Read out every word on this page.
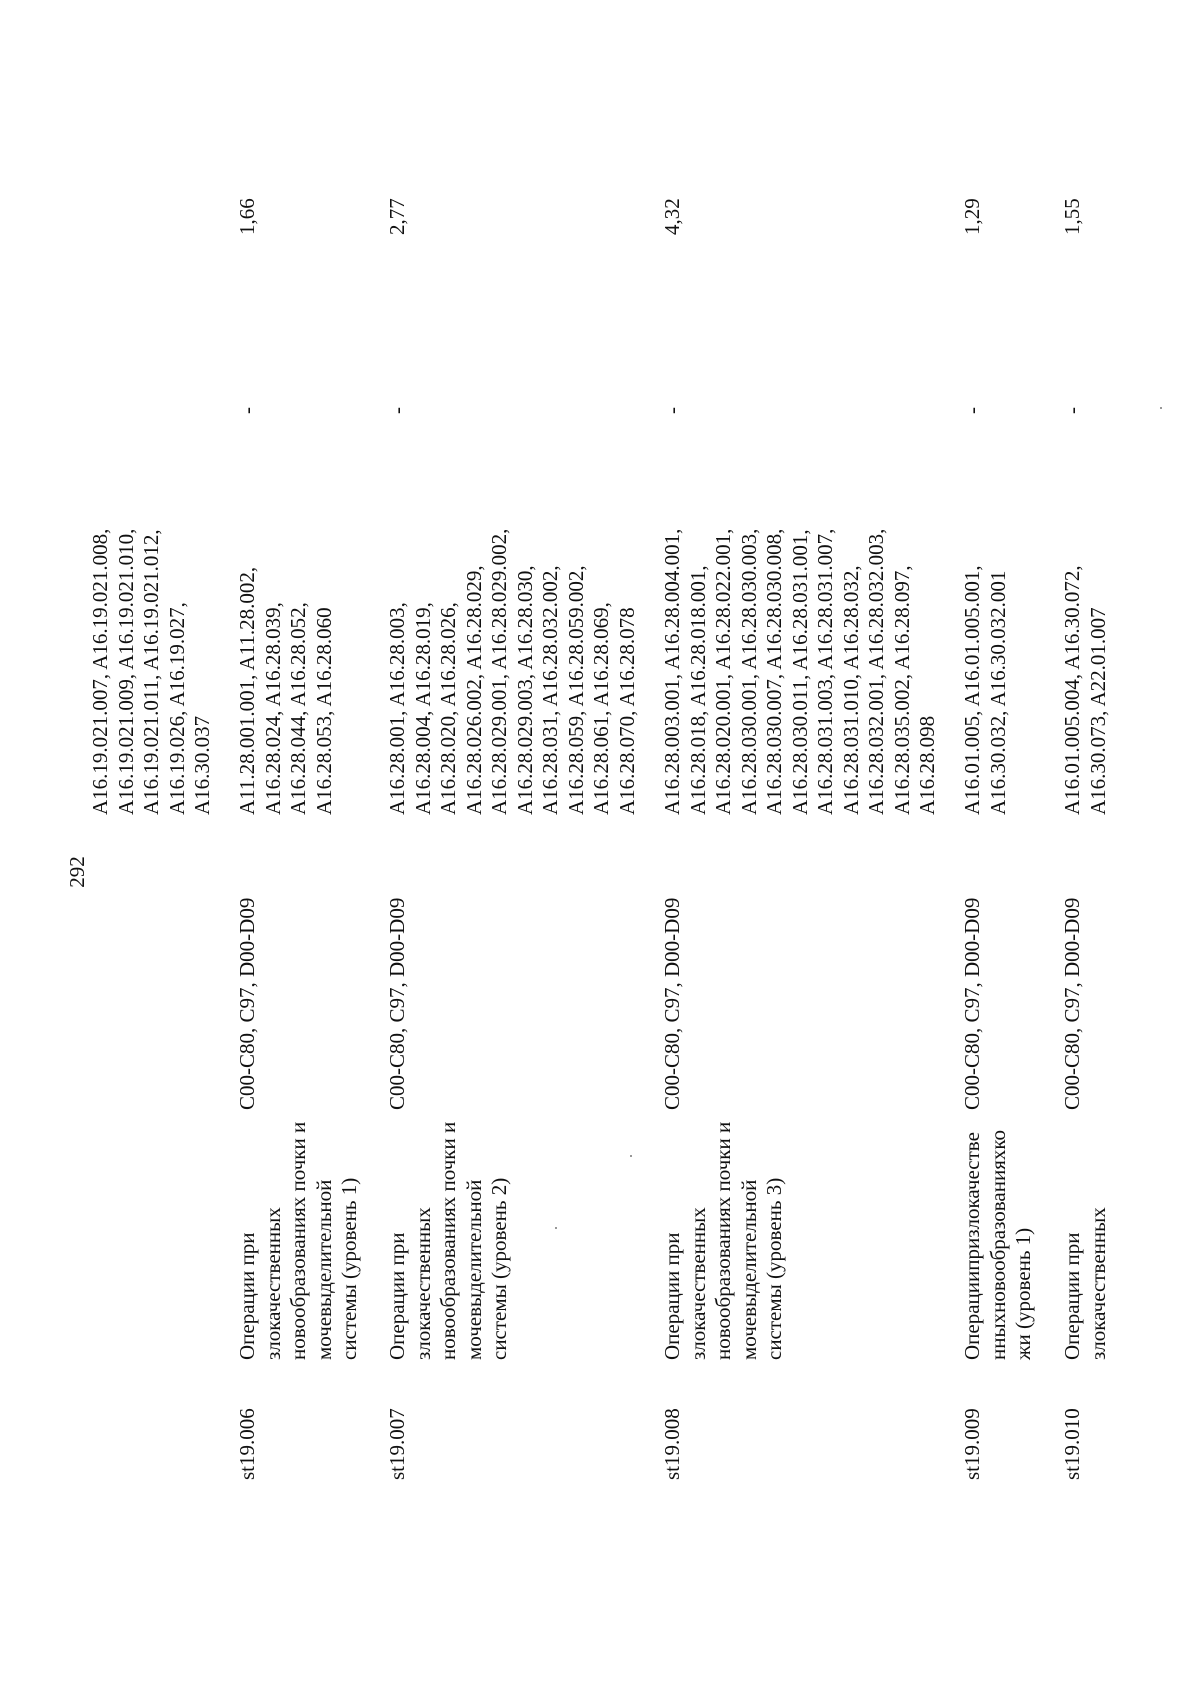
292
A16.19.021.007, A16.19.021.008, A16.19.021.009, A16.19.021.010, A16.19.021.011, A16.19.021.012, A16.19.026, A16.19.027, A16.30.037
st19.006
Операции при злокачественных новообразованиях почки и мочевыделительной системы (уровень 1)
C00-C80, C97, D00-D09
A11.28.001.001, A11.28.002, A16.28.024, A16.28.039, A16.28.044, A16.28.052, A16.28.053, A16.28.060
-
1,66
st19.007
Операции при злокачественных новообразованиях почки и мочевыделительной системы (уровень 2)
C00-C80, C97, D00-D09
A16.28.001, A16.28.003, A16.28.004, A16.28.019, A16.28.020, A16.28.026, A16.28.026.002, A16.28.029, A16.28.029.001, A16.28.029.002, A16.28.029.003, A16.28.030, A16.28.031, A16.28.032.002, A16.28.059, A16.28.059.002, A16.28.061, A16.28.069, A16.28.070, A16.28.078
-
2,77
st19.008
Операции при злокачественных новообразованиях почки и мочевыделительной системы (уровень 3)
C00-C80, C97, D00-D09
A16.28.003.001, A16.28.004.001, A16.28.018, A16.28.018.001, A16.28.020.001, A16.28.022.001, A16.28.030.001, A16.28.030.003, A16.28.030.007, A16.28.030.008, A16.28.030.011, A16.28.031.001, A16.28.031.003, A16.28.031.007, A16.28.031.010, A16.28.032, A16.28.032.001, A16.28.032.003, A16.28.035.002, A16.28.097, A16.28.098
-
4,32
st19.009
Операциипризлокачестве нныхновообразованияхко жи (уровень 1)
C00-C80, C97, D00-D09
A16.01.005, A16.01.005.001, A16.30.032, A16.30.032.001
-
1,29
st19.010
Операции при злокачественных
C00-C80, C97, D00-D09
A16.01.005.004, A16.30.072, A16.30.073, A22.01.007
-
1,55
